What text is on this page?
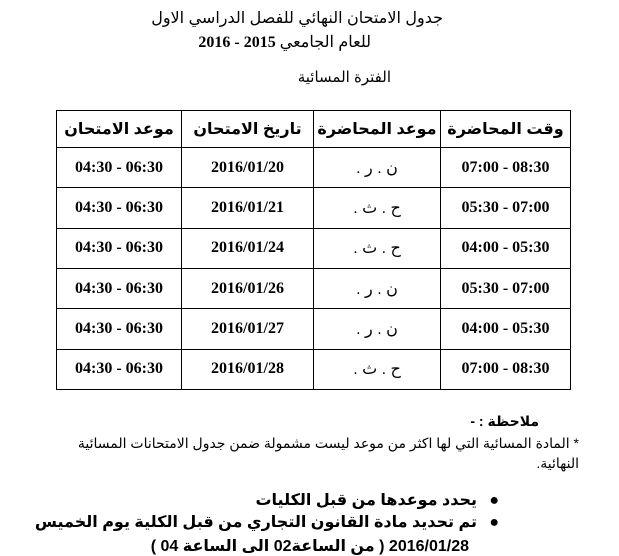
جدول الامتحان النهائي للفصل الدراسي الاول
للعام الجامعي 2015 - 2016
الفترة المسائية
موعد الامتحان	تاريخ الامتحان	موعد المحاضرة	وقت المحاضرة
04:30 - 06:30	2016/01/20	ن . ر .	07:00 - 08:30
04:30 - 06:30	2016/01/21	ح . ث .	05:30 - 07:00
04:30 - 06:30	2016/01/24	ح . ث .	04:00 - 05:30
04:30 - 06:30	2016/01/26	ن . ر .	05:30 - 07:00
04:30 - 06:30	2016/01/27	ن . ر .	04:00 - 05:30
04:30 - 06:30	2016/01/28	ح . ث .	07:00 - 08:30
ملاحظة : -
* المادة المسائية التي لها اكثر من موعد ليست مشمولة ضمن جدول الامتحانات المسائية النهائية.
●
يحدد موعدها من قبل الكليات
●
تم تحديد مادة القانون التجاري من قبل الكلية يوم الخميس
2016/01/28 ( من الساعة02 الى الساعة 04 )
